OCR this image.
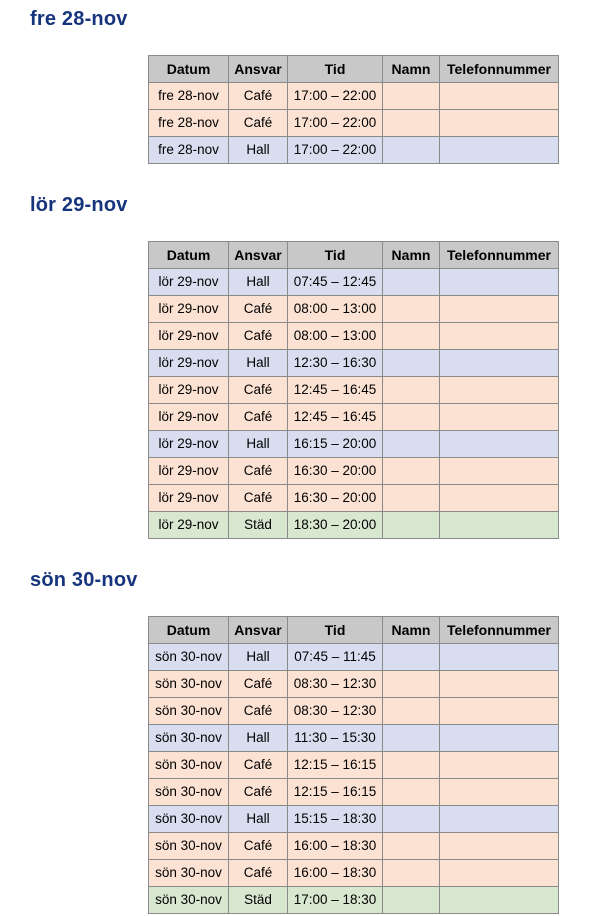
fre 28-nov
Datum	Ansvar	Tid	Namn	Telefonnummer
fre 28-nov	Café	17:00 – 22:00		
fre 28-nov	Café	17:00 – 22:00		
fre 28-nov	Hall	17:00 – 22:00		
lör 29-nov
Datum	Ansvar	Tid	Namn	Telefonnummer
lör 29-nov	Hall	07:45 – 12:45		
lör 29-nov	Café	08:00 – 13:00		
lör 29-nov	Café	08:00 – 13:00		
lör 29-nov	Hall	12:30 – 16:30		
lör 29-nov	Café	12:45 – 16:45		
lör 29-nov	Café	12:45 – 16:45		
lör 29-nov	Hall	16:15 – 20:00		
lör 29-nov	Café	16:30 – 20:00		
lör 29-nov	Café	16:30 – 20:00		
lör 29-nov	Städ	18:30 – 20:00		
sön 30-nov
Datum	Ansvar	Tid	Namn	Telefonnummer
sön 30-nov	Hall	07:45 – 11:45		
sön 30-nov	Café	08:30 – 12:30		
sön 30-nov	Café	08:30 – 12:30		
sön 30-nov	Hall	11:30 – 15:30		
sön 30-nov	Café	12:15 – 16:15		
sön 30-nov	Café	12:15 – 16:15		
sön 30-nov	Hall	15:15 – 18:30		
sön 30-nov	Café	16:00 – 18:30		
sön 30-nov	Café	16:00 – 18:30		
sön 30-nov	Städ	17:00 – 18:30		
